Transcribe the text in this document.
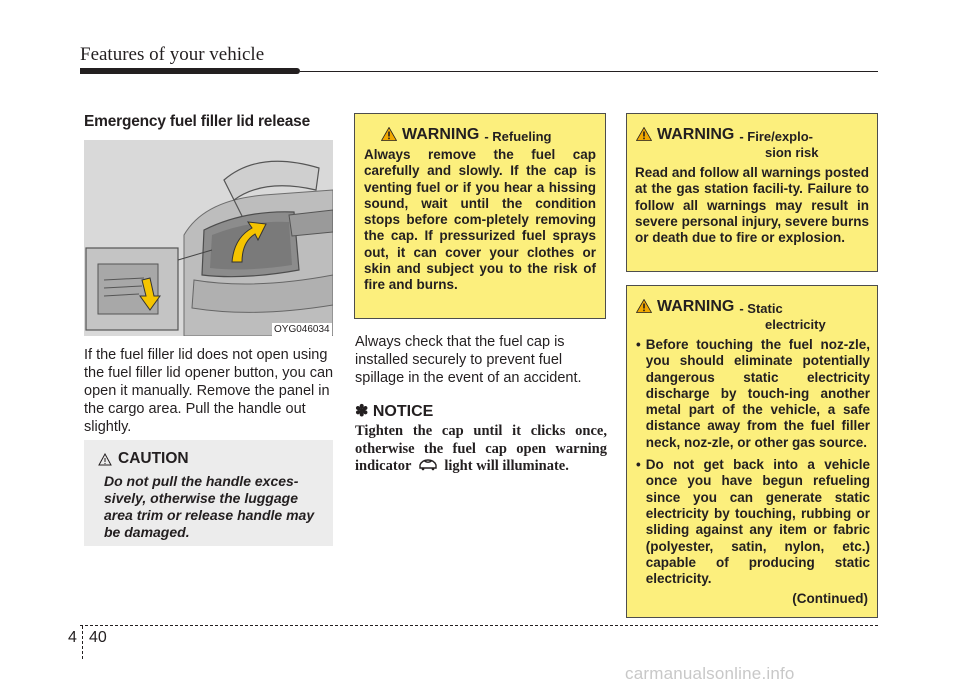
Features of your vehicle
Emergency fuel filler lid release
OYG046034
If the fuel filler lid does not open using the fuel filler lid opener button, you can open it manually. Remove the panel in the cargo area. Pull the handle out slightly.
CAUTION
Do not pull the handle exces-sively, otherwise the luggage area trim or release handle may be damaged.
WARNING - Refueling
Always remove the fuel cap carefully and slowly. If the cap is venting fuel or if you hear a hissing sound, wait until the condition stops before com-pletely removing the cap. If pressurized fuel sprays out, it can cover your clothes or skin and subject you to the risk of fire and burns.
Always check that the fuel cap is installed securely to prevent fuel spillage in the event of an accident.
✽ NOTICE
Tighten the cap until it clicks once, otherwise the fuel cap open warning indicator light will illuminate.
WARNING - Fire/explo-
sion risk
Read and follow all warnings posted at the gas station facili-ty. Failure to follow all warnings may result in severe personal injury, severe burns or death due to fire or explosion.
WARNING - Static
electricity
• Before touching the fuel noz-zle, you should eliminate potentially dangerous static electricity discharge by touch-ing another metal part of the vehicle, a safe distance away from the fuel filler neck, noz-zle, or other gas source.
• Do not get back into a vehicle once you have begun refueling since you can generate static electricity by touching, rubbing or sliding against any item or fabric (polyester, satin, nylon, etc.) capable of producing static electricity.
(Continued)
4 40
carmanualsonline.info
